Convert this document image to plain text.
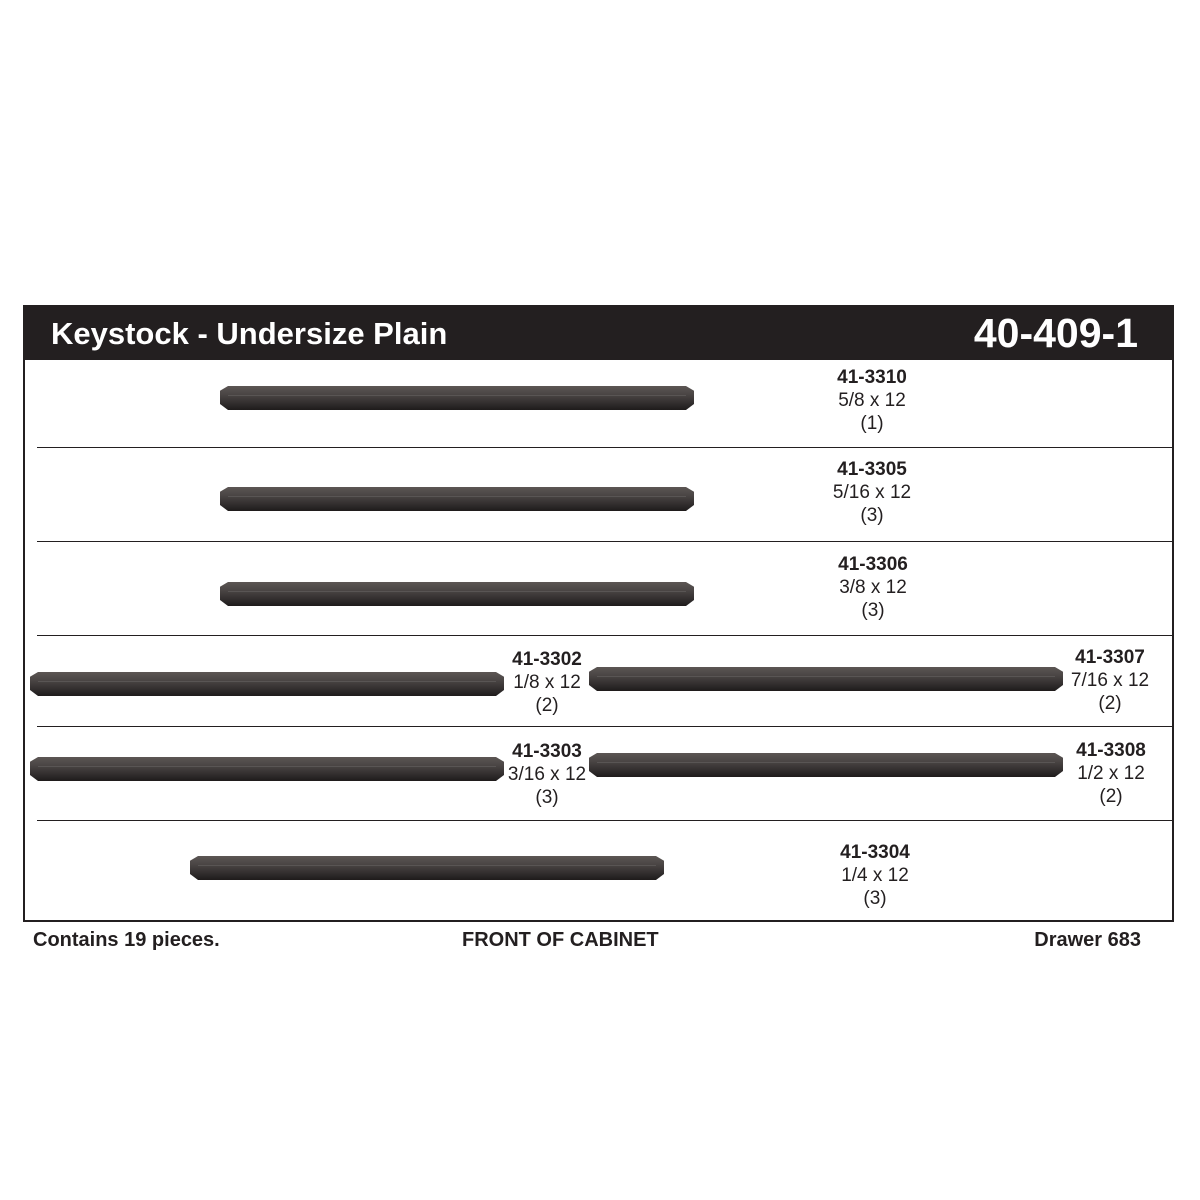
Keystock - Undersize Plain	40-409-1
41-3310
5/8 x 12
(1)
41-3305
5/16 x 12
(3)
41-3306
3/8 x 12
(3)
41-3302
1/8 x 12
(2)
41-3307
7/16 x 12
(2)
41-3303
3/16 x 12
(3)
41-3308
1/2 x 12
(2)
41-3304
1/4 x 12
(3)
Contains 19 pieces.	FRONT OF CABINET	Drawer 683
